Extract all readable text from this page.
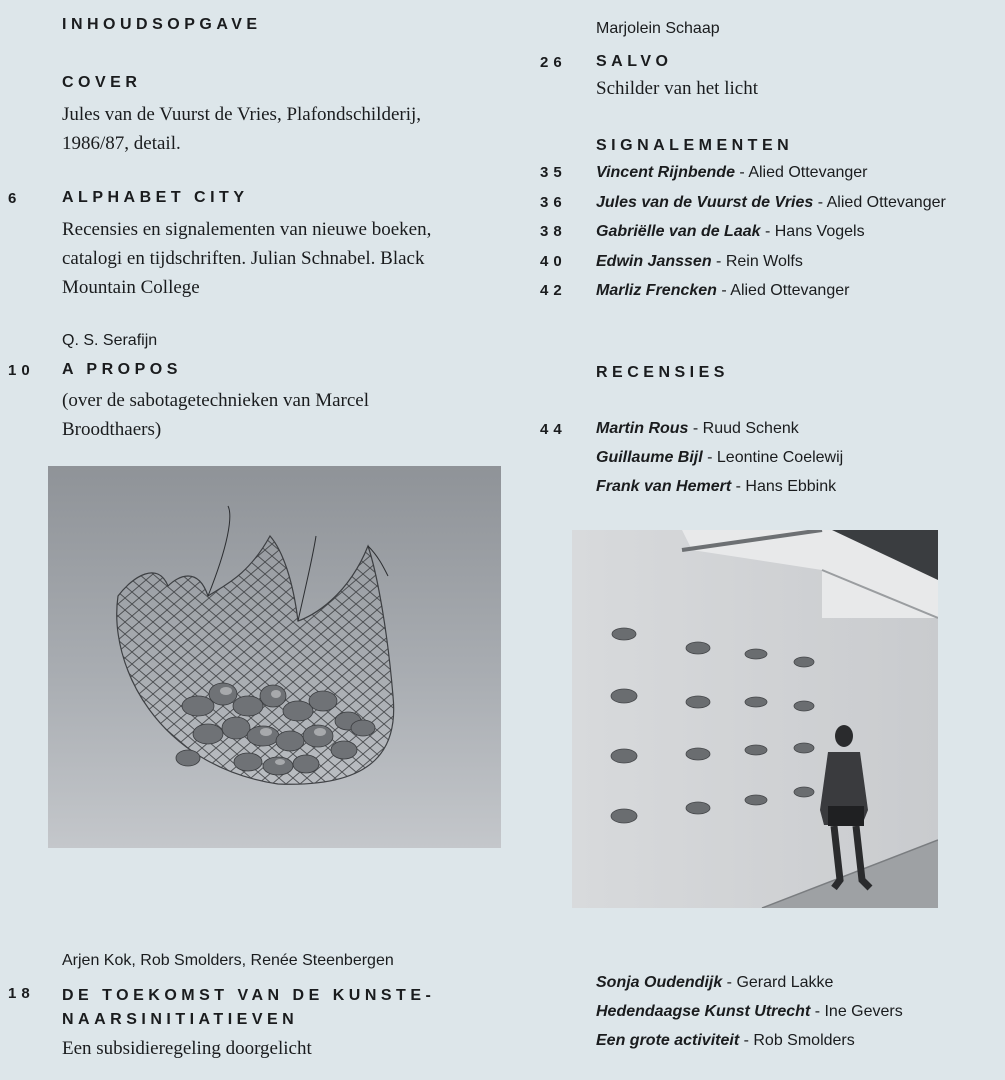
INHOUDSOPGAVE
COVER
Jules van de Vuurst de Vries, Plafondschilderij,
1986/87, detail.
6	ALPHABET CITY
Recensies en signalementen van nieuwe boeken,
catalogi en tijdschriften. Julian Schnabel. Black
Mountain College
Q. S. Serafijn
10 A PROPOS
(over de sabotagetechnieken van Marcel
Broodthaers)
Arjen Kok, Rob Smolders, Renée Steenbergen
18 DE TOEKOMST VAN DE KUNSTE-
NAARSINITIATIEVEN
Een subsidieregeling doorgelicht
Marjolein Schaap
26 SALVO
Schilder van het licht
SIGNALEMENTEN
35 Vincent Rijnbende - Alied Ottevanger
36 Jules van de Vuurst de Vries - Alied Ottevanger
38 Gabriëlle van de Laak - Hans Vogels
40 Edwin Janssen - Rein Wolfs
42 Marliz Frencken - Alied Ottevanger
RECENSIES
44 Martin Rous - Ruud Schenk
Guillaume Bijl - Leontine Coelewij
Frank van Hemert - Hans Ebbink
Sonja Oudendijk - Gerard Lakke
Hedendaagse Kunst Utrecht - Ine Gevers
Een grote activiteit - Rob Smolders
